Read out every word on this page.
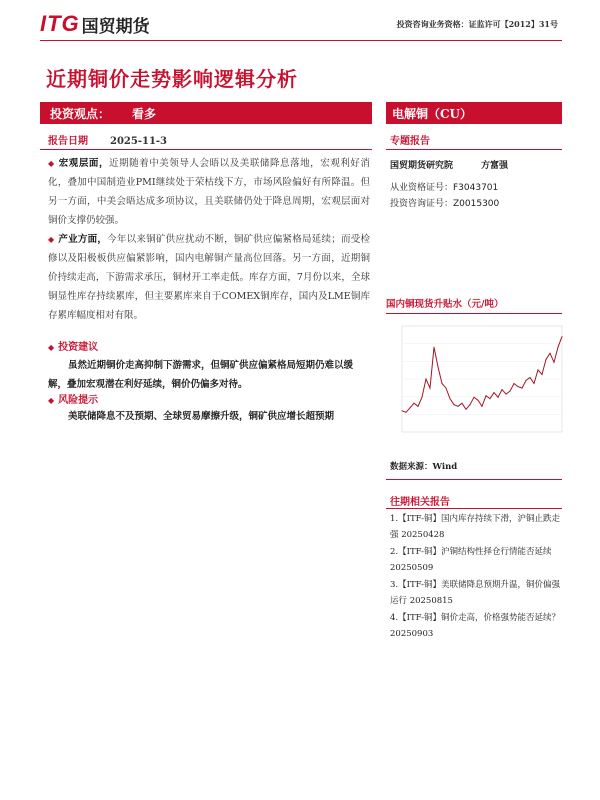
ITG 国贸期货	投资咨询业务资格：证监许可【2012】31号
近期铜价走势影响逻辑分析
投资观点： 看多	电解铜（CU）
报告日期 2025-11-3	专题报告
国贸期货研究院	方富强
从业资格证号：F3043701
投资咨询证号：Z0015300
◆ 宏观层面，近期随着中美领导人会晤以及美联储降息落地，宏观利好消化，叠加中国制造业PMI继续处于荣枯线下方，市场风险偏好有所降温。但另一方面，中美会晤达成多项协议，且美联储仍处于降息周期，宏观层面对铜价支撑仍较强。
◆ 产业方面，今年以来铜矿供应扰动不断，铜矿供应偏紧格局延续；而受检修以及阳极板供应偏紧影响，国内电解铜产量高位回落。另一方面，近期铜价持续走高，下游需求承压，铜材开工率走低。库存方面，7月份以来，全球铜显性库存持续累库，但主要累库来自于COMEX铜库存，国内及LME铜库存累库幅度相对有限。
◆ 投资建议
虽然近期铜价走高抑制下游需求，但铜矿供应偏紧格局短期仍难以缓解，叠加宏观潜在利好延续，铜价仍偏多对待。
◆ 风险提示
美联储降息不及预期、全球贸易摩擦升级，铜矿供应增长超预期
国内铜现货升贴水（元/吨）
数据来源：Wind
往期相关报告
1.【ITF-铜】国内库存持续下滑，沪铜止跌走强 20250428
2.【ITF-铜】沪铜结构性择仓行情能否延续 20250509
3.【ITF-铜】美联储降息预期升温，铜价偏强运行 20250815
4.【ITF-铜】铜价走高，价格强势能否延续？20250903
